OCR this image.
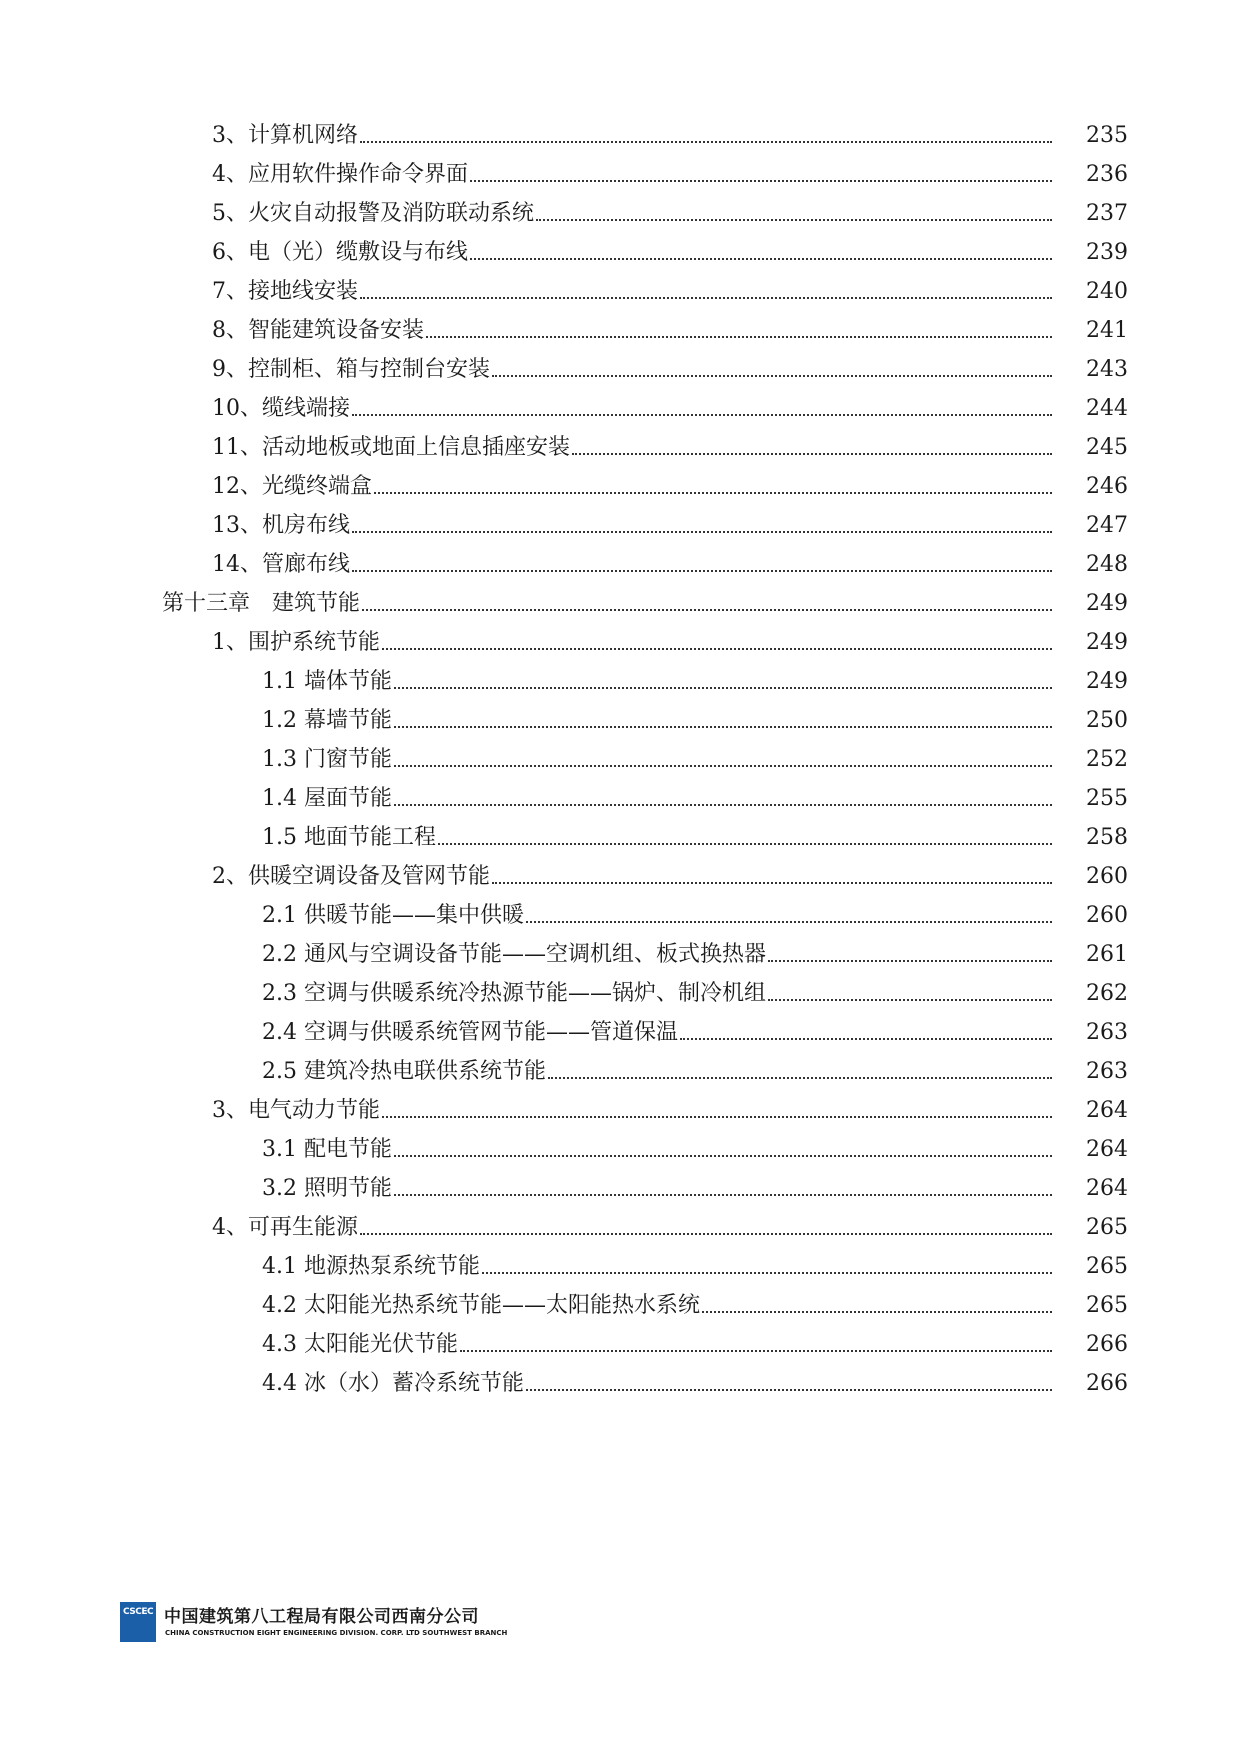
3、计算机网络	235
4、应用软件操作命令界面	236
5、火灾自动报警及消防联动系统	237
6、电（光）缆敷设与布线	239
7、接地线安装	240
8、智能建筑设备安装	241
9、控制柜、箱与控制台安装	243
10、缆线端接	244
11、活动地板或地面上信息插座安装	245
12、光缆终端盒	246
13、机房布线	247
14、管廊布线	248
第十三章　建筑节能	249
1、围护系统节能	249
1.1 墙体节能	249
1.2 幕墙节能	250
1.3 门窗节能	252
1.4 屋面节能	255
1.5 地面节能工程	258
2、供暖空调设备及管网节能	260
2.1 供暖节能——集中供暖	260
2.2 通风与空调设备节能——空调机组、板式换热器	261
2.3 空调与供暖系统冷热源节能——锅炉、制冷机组	262
2.4 空调与供暖系统管网节能——管道保温	263
2.5 建筑冷热电联供系统节能	263
3、电气动力节能	264
3.1 配电节能	264
3.2 照明节能	264
4、可再生能源	265
4.1 地源热泵系统节能	265
4.2 太阳能光热系统节能——太阳能热水系统	265
4.3 太阳能光伏节能	266
4.4 冰（水）蓄冷系统节能	266
CSCEC 中国建筑第八工程局有限公司西南分公司
CHINA CONSTRUCTION EIGHT ENGINEERING DIVISION. CORP. LTD SOUTHWEST BRANCH
